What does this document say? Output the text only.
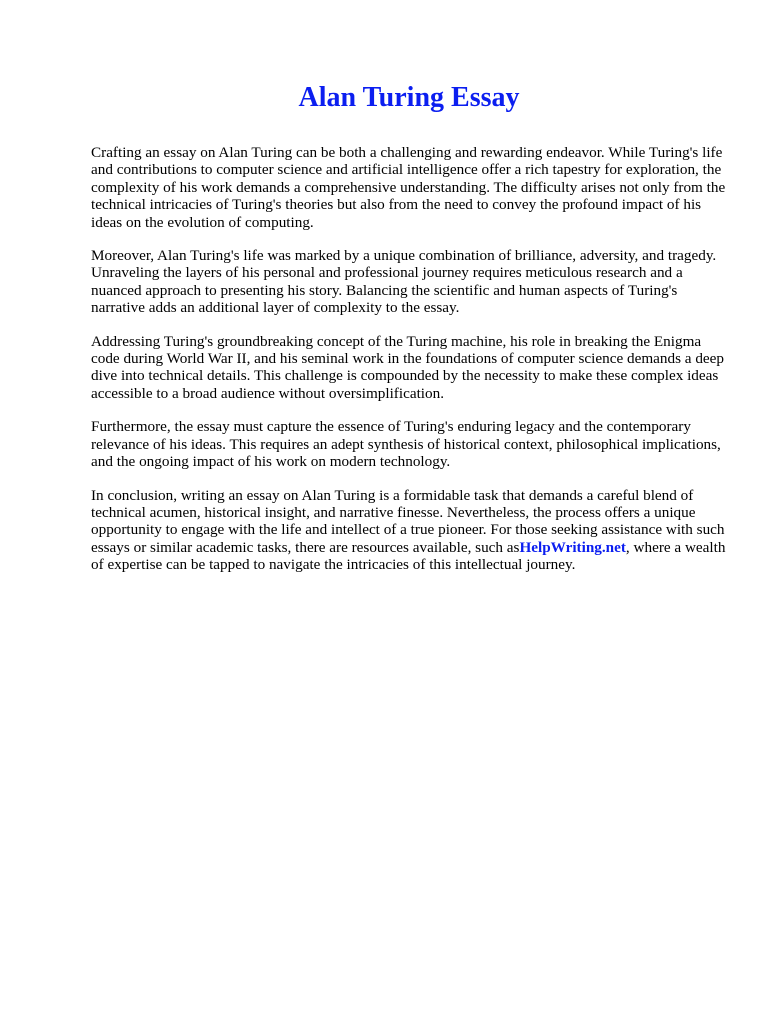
Alan Turing Essay

Crafting an essay on Alan Turing can be both a challenging and rewarding endeavor. While Turing's life and contributions to computer science and artificial intelligence offer a rich tapestry for exploration, the complexity of his work demands a comprehensive understanding. The difficulty arises not only from the technical intricacies of Turing's theories but also from the need to convey the profound impact of his ideas on the evolution of computing.

Moreover, Alan Turing's life was marked by a unique combination of brilliance, adversity, and tragedy. Unraveling the layers of his personal and professional journey requires meticulous research and a nuanced approach to presenting his story. Balancing the scientific and human aspects of Turing's narrative adds an additional layer of complexity to the essay.

Addressing Turing's groundbreaking concept of the Turing machine, his role in breaking the Enigma code during World War II, and his seminal work in the foundations of computer science demands a deep dive into technical details. This challenge is compounded by the necessity to make these complex ideas accessible to a broad audience without oversimplification.

Furthermore, the essay must capture the essence of Turing's enduring legacy and the contemporary relevance of his ideas. This requires an adept synthesis of historical context, philosophical implications, and the ongoing impact of his work on modern technology.

In conclusion, writing an essay on Alan Turing is a formidable task that demands a careful blend of technical acumen, historical insight, and narrative finesse. Nevertheless, the process offers a unique opportunity to engage with the life and intellect of a true pioneer. For those seeking assistance with such essays or similar academic tasks, there are resources available, such asHelpWriting.net, where a wealth of expertise can be tapped to navigate the intricacies of this intellectual journey.
